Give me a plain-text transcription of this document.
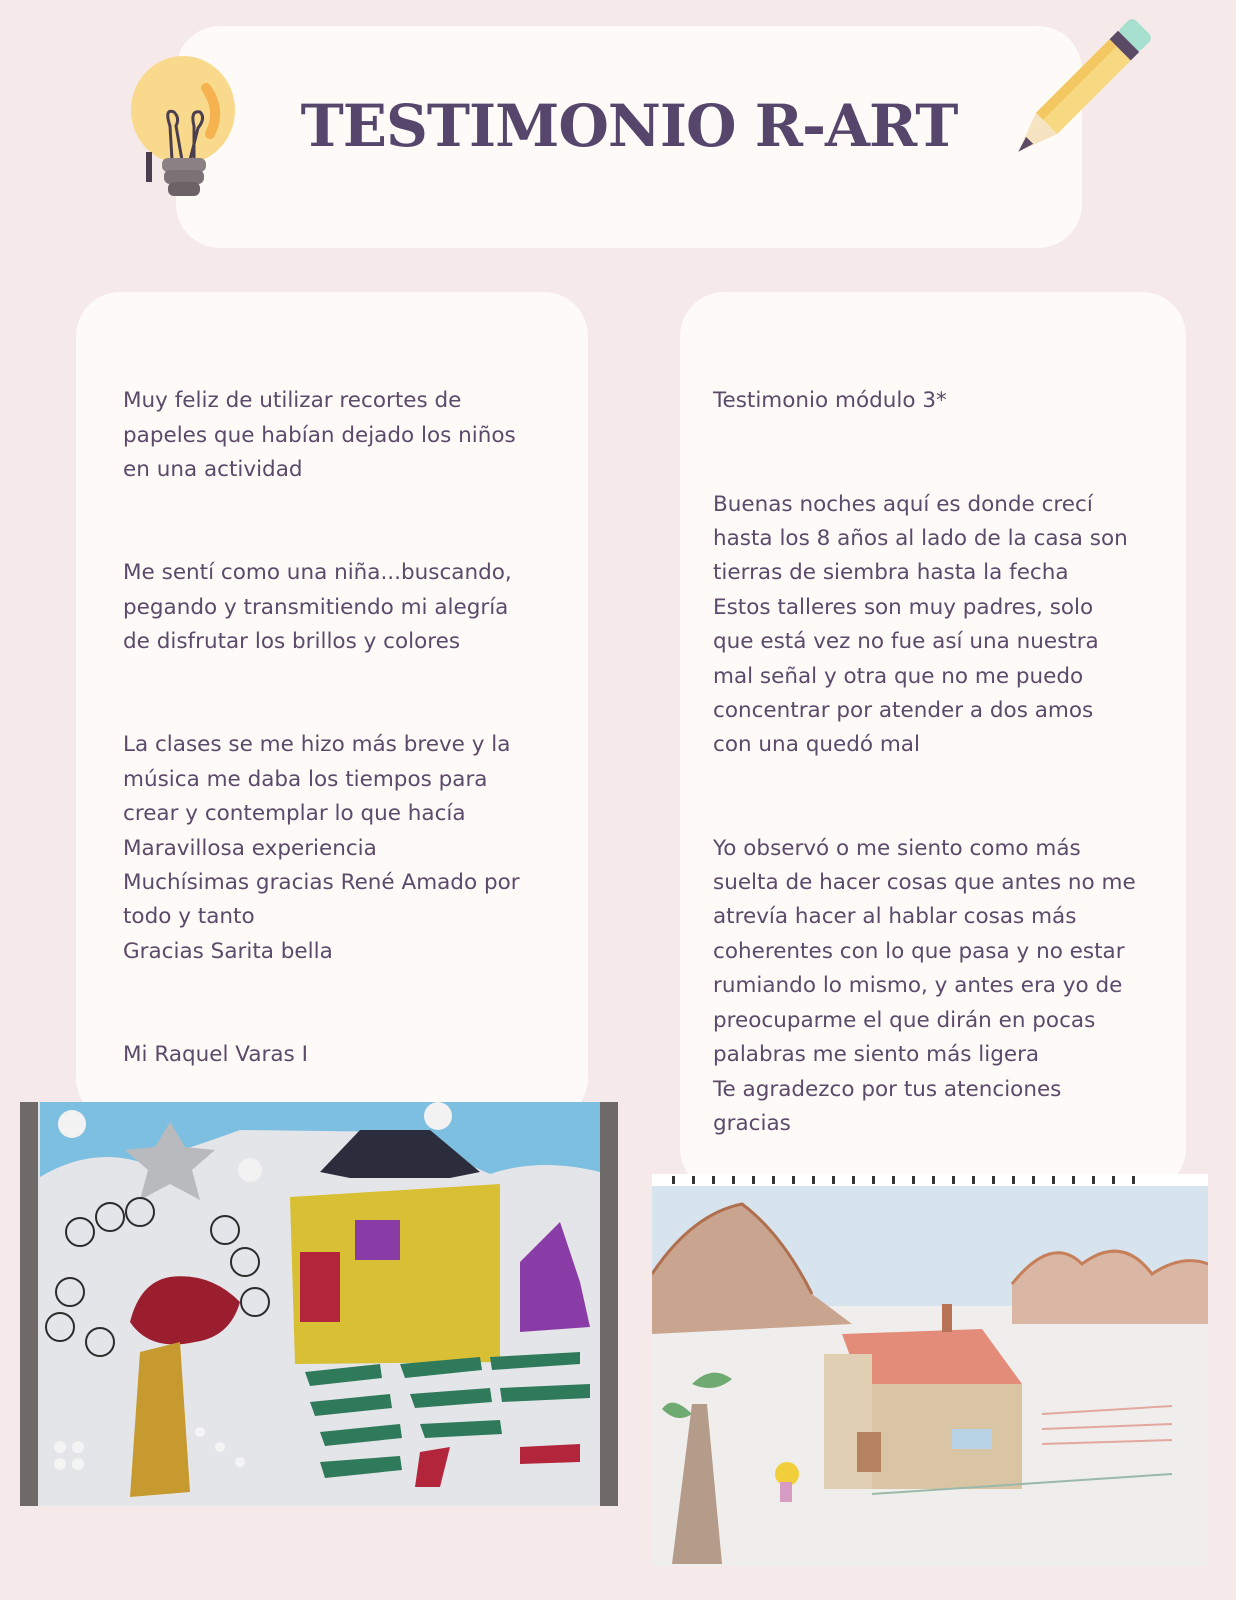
TESTIMONIO R-ART

Muy feliz de utilizar recortes de
papeles que habían dejado los niños
en una actividad

Me sentí como una niña...buscando,
pegando y transmitiendo mi alegría
de disfrutar los brillos y colores

La clases se me hizo más breve y la
música me daba los tiempos para
crear y contemplar lo que hacía
Maravillosa experiencia
Muchísimas gracias René Amado por
todo y tanto
Gracias Sarita bella

Mi Raquel Varas I

Testimonio módulo 3*

Buenas noches aquí es donde crecí
hasta los 8 años al lado de la casa son
tierras de siembra hasta la fecha
Estos talleres son muy padres, solo
que está vez no fue así una nuestra
mal señal y otra que no me puedo
concentrar por atender a dos amos
con una quedó mal

Yo observó o me siento como más
suelta de hacer cosas que antes no me
atrevía hacer al hablar cosas más
coherentes con lo que pasa y no estar
rumiando lo mismo, y antes era yo de
preocuparme el que dirán en pocas
palabras me siento más ligera
Te agradezco por tus atenciones
gracias
